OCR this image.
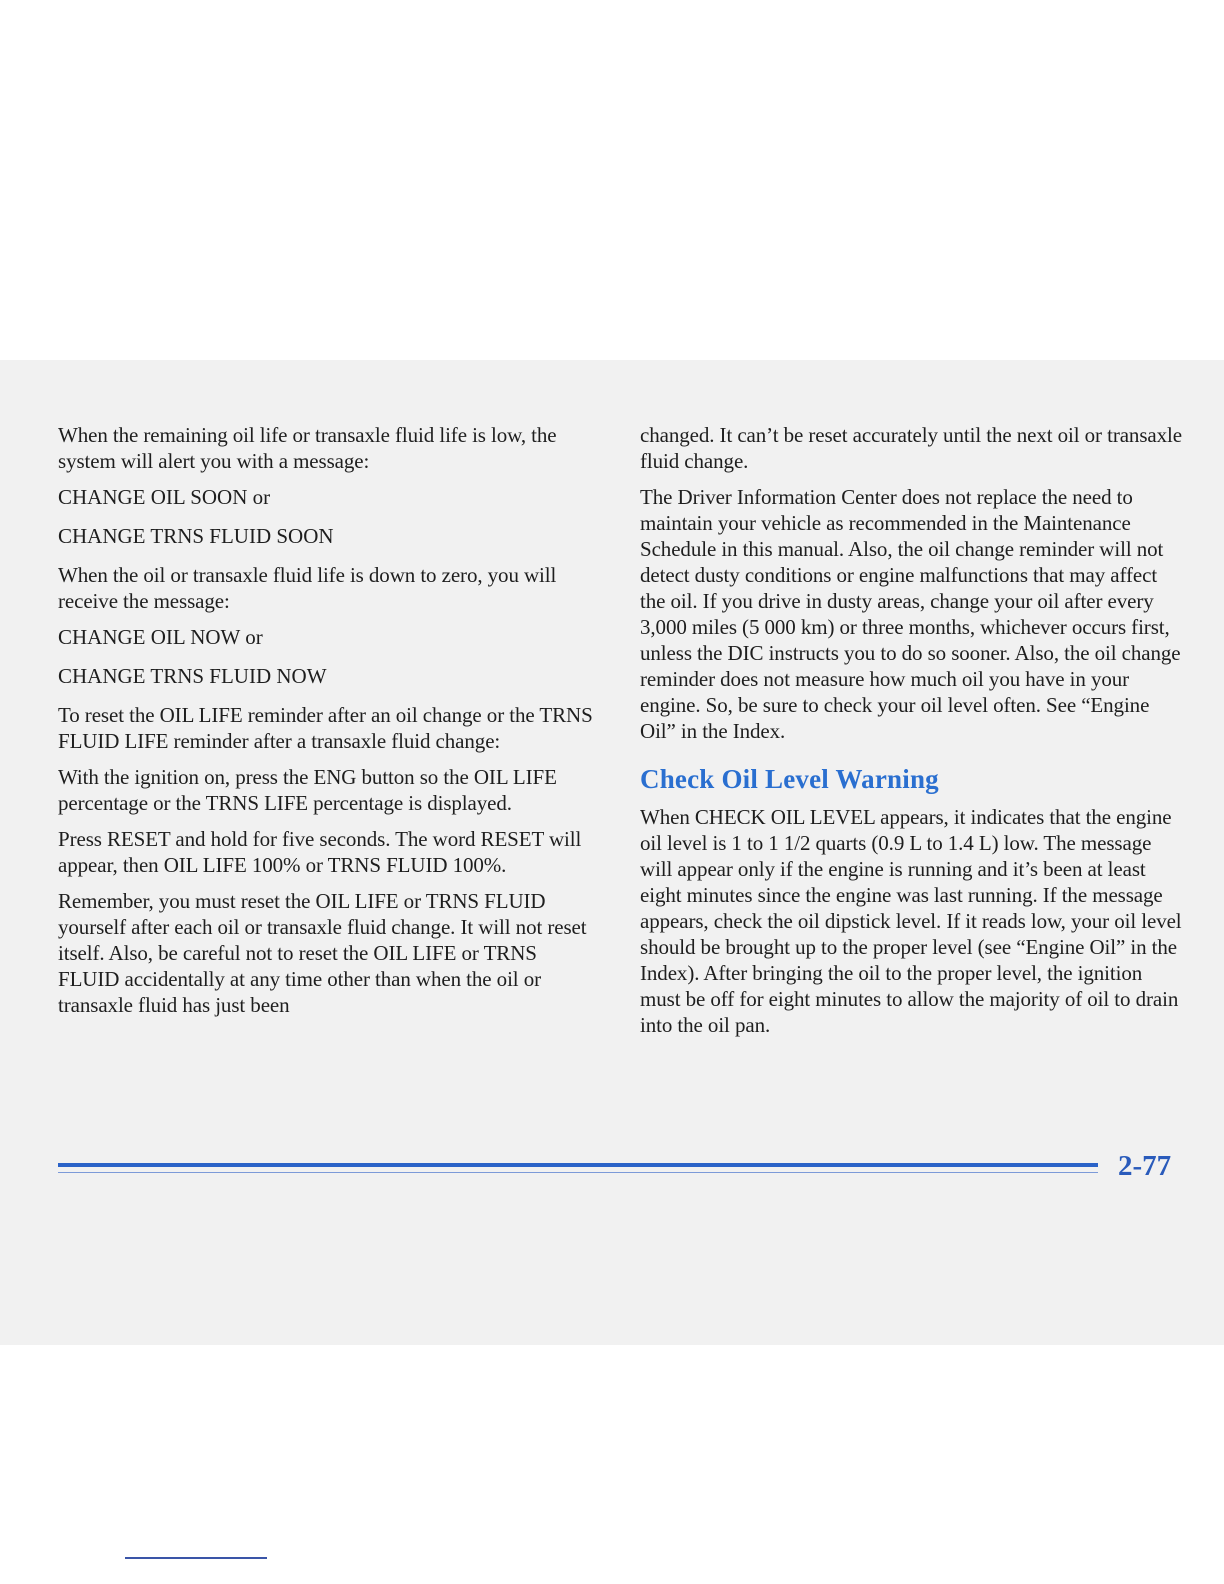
When the remaining oil life or transaxle fluid life is low, the system will alert you with a message:

CHANGE OIL SOON or

CHANGE TRNS FLUID SOON

When the oil or transaxle fluid life is down to zero, you will receive the message:

CHANGE OIL NOW or

CHANGE TRNS FLUID NOW

To reset the OIL LIFE reminder after an oil change or the TRNS FLUID LIFE reminder after a transaxle fluid change:

With the ignition on, press the ENG button so the OIL LIFE percentage or the TRNS LIFE percentage is displayed.

Press RESET and hold for five seconds. The word RESET will appear, then OIL LIFE 100% or TRNS FLUID 100%.

Remember, you must reset the OIL LIFE or TRNS FLUID yourself after each oil or transaxle fluid change. It will not reset itself. Also, be careful not to reset the OIL LIFE or TRNS FLUID accidentally at any time other than when the oil or transaxle fluid has just been

changed. It can’t be reset accurately until the next oil or transaxle fluid change.

The Driver Information Center does not replace the need to maintain your vehicle as recommended in the Maintenance Schedule in this manual. Also, the oil change reminder will not detect dusty conditions or engine malfunctions that may affect the oil. If you drive in dusty areas, change your oil after every 3,000 miles (5 000 km) or three months, whichever occurs first, unless the DIC instructs you to do so sooner. Also, the oil change reminder does not measure how much oil you have in your engine. So, be sure to check your oil level often. See “Engine Oil” in the Index.

Check Oil Level Warning

When CHECK OIL LEVEL appears, it indicates that the engine oil level is 1 to 1 1/2 quarts (0.9 L to 1.4 L) low. The message will appear only if the engine is running and it’s been at least eight minutes since the engine was last running. If the message appears, check the oil dipstick level. If it reads low, your oil level should be brought up to the proper level (see “Engine Oil” in the Index). After bringing the oil to the proper level, the ignition must be off for eight minutes to allow the majority of oil to drain into the oil pan.

2-77
